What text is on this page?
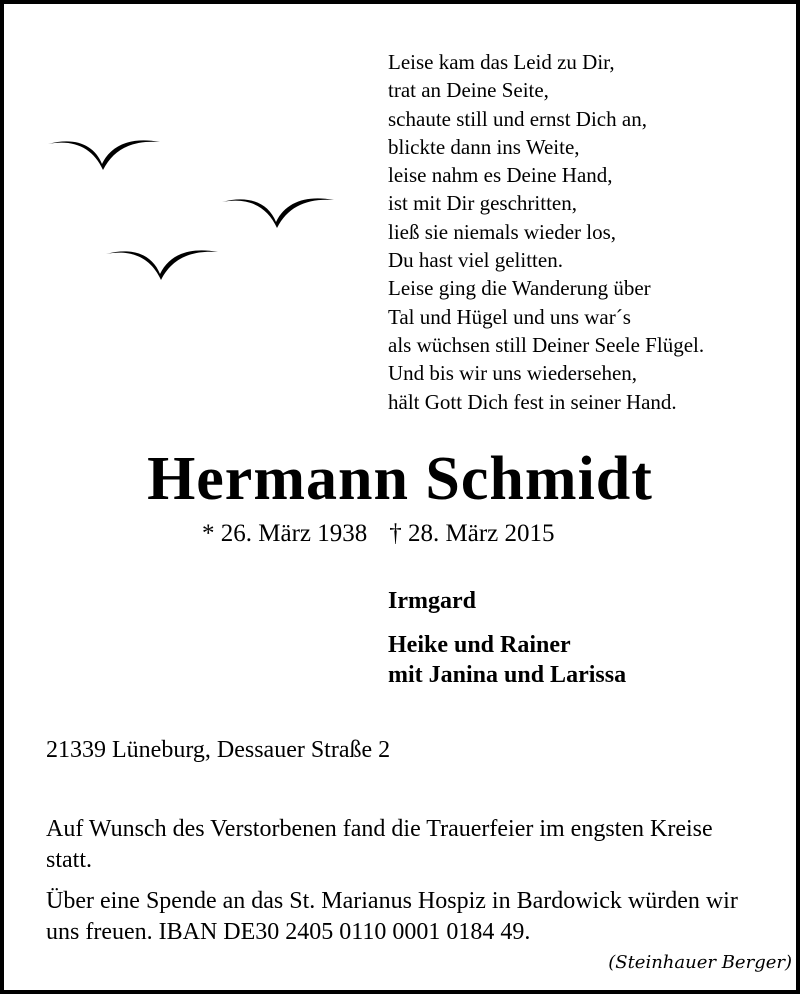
Leise kam das Leid zu Dir,
trat an Deine Seite,
schaute still und ernst Dich an,
blickte dann ins Weite,
leise nahm es Deine Hand,
ist mit Dir geschritten,
ließ sie niemals wieder los,
Du hast viel gelitten.
Leise ging die Wanderung über
Tal und Hügel und uns war´s
als wüchsen still Deiner Seele Flügel.
Und bis wir uns wiedersehen,
hält Gott Dich fest in seiner Hand.
Hermann Schmidt
* 26. März 1938 † 28. März 2015
Irmgard
Heike und Rainer
mit Janina und Larissa
21339 Lüneburg, Dessauer Straße 2

Auf Wunsch des Verstorbenen fand die Trauerfeier im engsten Kreise statt.

Über eine Spende an das St. Marianus Hospiz in Bardowick würden wir uns freuen. IBAN DE30 2405 0110 0001 0184 49.

(Steinhauer Berger)
